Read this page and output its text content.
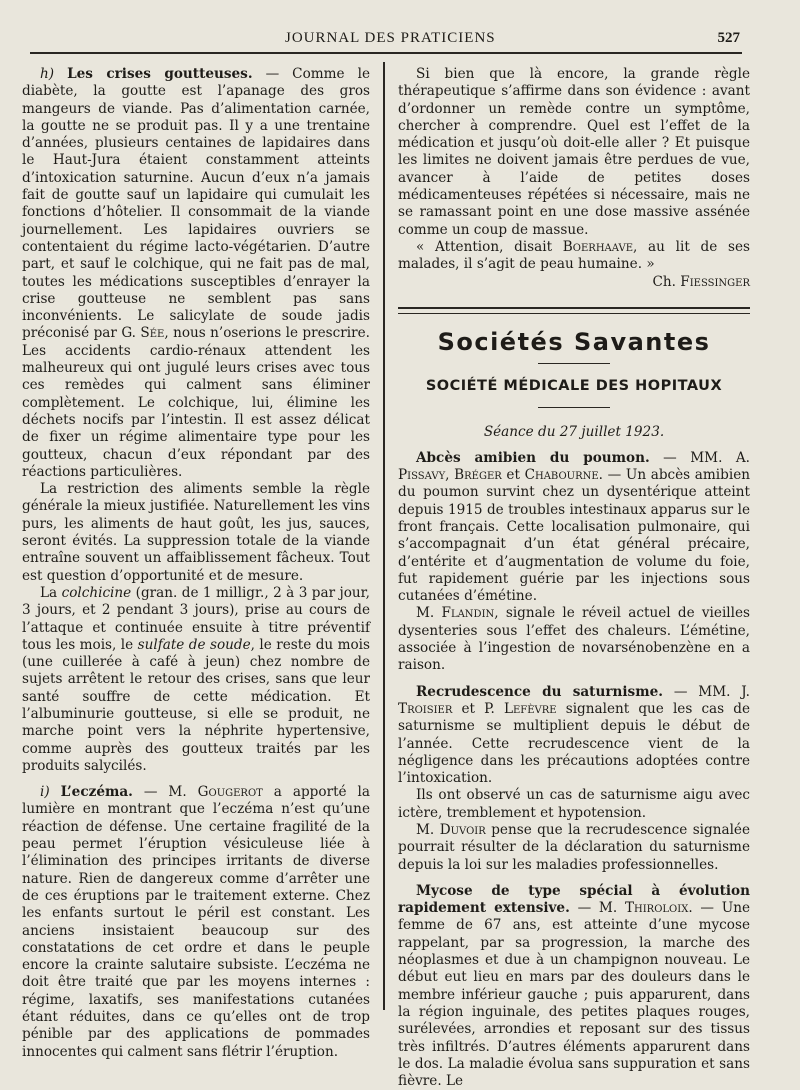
JOURNAL DES PRATICIENS	527

h) Les crises goutteuses. — Comme le diabète, la goutte est l’apanage des gros mangeurs de viande. Pas d’alimentation carnée, la goutte ne se produit pas. Il y a une trentaine d’années, plusieurs centaines de lapidaires dans le Haut-Jura étaient constamment atteints d’intoxication saturnine. Aucun d’eux n’a jamais fait de goutte sauf un lapidaire qui cumulait les fonctions d’hôtelier. Il consommait de la viande journellement. Les lapidaires ouvriers se contentaient du régime lacto-végétarien. D’autre part, et sauf le colchique, qui ne fait pas de mal, toutes les médications susceptibles d’enrayer la crise goutteuse ne semblent pas sans inconvénients. Le salicylate de soude jadis préconisé par G. Sée, nous n’oserions le prescrire. Les accidents cardio-rénaux attendent les malheureux qui ont jugulé leurs crises avec tous ces remèdes qui calment sans éliminer complètement. Le colchique, lui, élimine les déchets nocifs par l’intestin. Il est assez délicat de fixer un régime alimentaire type pour les goutteux, chacun d’eux répondant par des réactions particulières.

La restriction des aliments semble la règle générale la mieux justifiée. Naturellement les vins purs, les aliments de haut goût, les jus, sauces, seront évités. La suppression totale de la viande entraîne souvent un affaiblissement fâcheux. Tout est question d’opportunité et de mesure.

La colchicine (gran. de 1 milligr., 2 à 3 par jour, 3 jours, et 2 pendant 3 jours), prise au cours de l’attaque et continuée ensuite à titre préventif tous les mois, le sulfate de soude, le reste du mois (une cuillerée à café à jeun) chez nombre de sujets arrêtent le retour des crises, sans que leur santé souffre de cette médication. Et l’albuminurie goutteuse, si elle se produit, ne marche point vers la néphrite hypertensive, comme auprès des goutteux traités par les produits salycilés.

i) L’eczéma. — M. Gougerot a apporté la lumière en montrant que l’eczéma n’est qu’une réaction de défense. Une certaine fragilité de la peau permet l’éruption vésiculeuse liée à l’élimination des principes irritants de diverse nature. Rien de dangereux comme d’arrêter une de ces éruptions par le traitement externe. Chez les enfants surtout le péril est constant. Les anciens insistaient beaucoup sur des constatations de cet ordre et dans le peuple encore la crainte salutaire subsiste. L’eczéma ne doit être traité que par les moyens internes : régime, laxatifs, ses manifestations cutanées étant réduites, dans ce qu’elles ont de trop pénible par des applications de pommades innocentes qui calment sans flétrir l’éruption.

Si bien que là encore, la grande règle thérapeutique s’affirme dans son évidence : avant d’ordonner un remède contre un symptôme, chercher à comprendre. Quel est l’effet de la médication et jusqu’où doit-elle aller ? Et puisque les limites ne doivent jamais être perdues de vue, avancer à l’aide de petites doses médicamenteuses répétées si nécessaire, mais ne se ramassant point en une dose massive assénée comme un coup de massue.

« Attention, disait Boerhaave, au lit de ses malades, il s’agit de peau humaine. »

Ch. Fiessinger

Sociétés Savantes
SOCIÉTÉ MÉDICALE DES HOPITAUX
Séance du 27 juillet 1923.

Abcès amibien du poumon. — MM. A. Pissavy, Bréger et Chabourne. — Un abcès amibien du poumon survint chez un dysentérique atteint depuis 1915 de troubles intestinaux apparus sur le front français. Cette localisation pulmonaire, qui s’accompagnait d’un état général précaire, d’entérite et d’augmentation de volume du foie, fut rapidement guérie par les injections sous cutanées d’émétine.

M. Flandin, signale le réveil actuel de vieilles dysenteries sous l’effet des chaleurs. L’émétine, associée à l’ingestion de novarsénobenzène en a raison.

Recrudescence du saturnisme. — MM. J. Troisier et P. Lefèvre signalent que les cas de saturnisme se multiplient depuis le début de l’année. Cette recrudescence vient de la négligence dans les précautions adoptées contre l’intoxication.

Ils ont observé un cas de saturnisme aigu avec ictère, tremblement et hypotension.

M. Duvoir pense que la recrudescence signalée pourrait résulter de la déclaration du saturnisme depuis la loi sur les maladies professionnelles.

Mycose de type spécial à évolution rapidement extensive. — M. Thiroloix. — Une femme de 67 ans, est atteinte d’une mycose rappelant, par sa progression, la marche des néoplasmes et due à un champignon nouveau. Le début eut lieu en mars par des douleurs dans le membre inférieur gauche ; puis apparurent, dans la région inguinale, des petites plaques rouges, surélevées, arrondies et reposant sur des tissus très infiltrés. D’autres éléments apparurent dans le dos. La maladie évolua sans suppuration et sans fièvre. Le
